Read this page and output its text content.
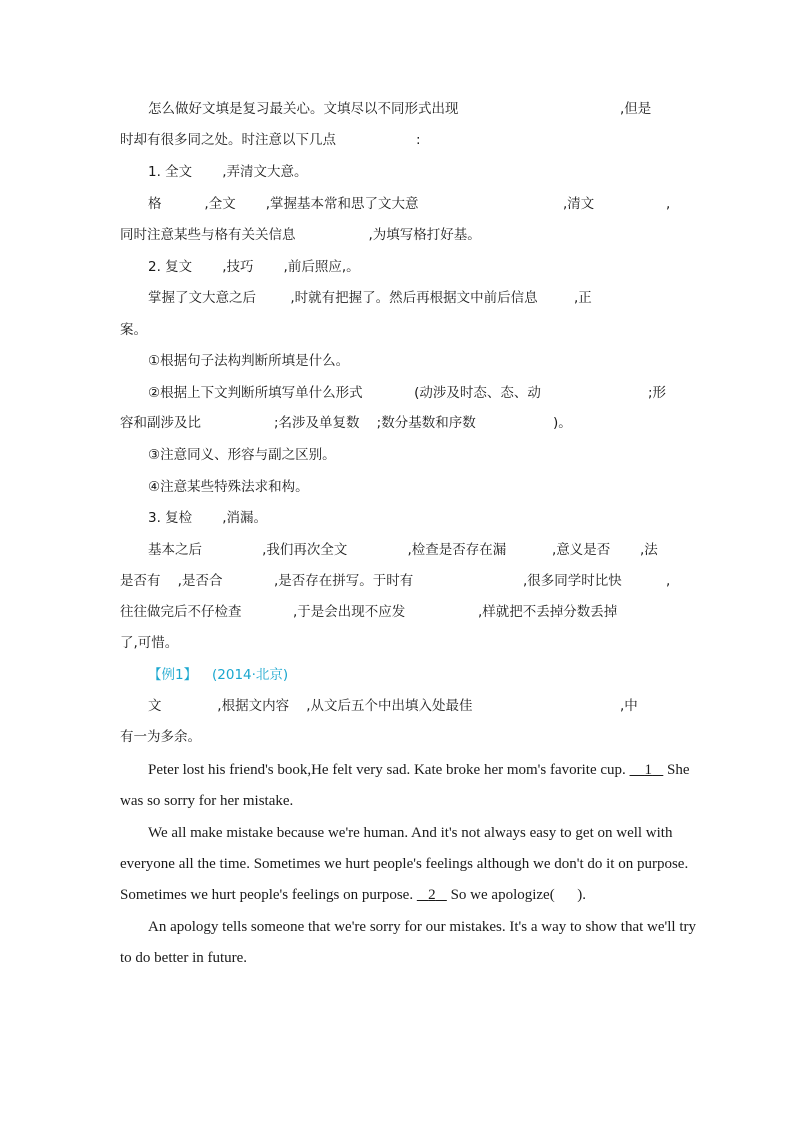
怎么做好文填是复习最关心。文填尽以不同形式出现	,但是
时却有很多同之处。时注意以下几点	:
1. 全文       ,弄清文大意。
格          ,全文       ,掌握基本常和思了文大意	,清文	,
同时注意某些与格有关关信息                 ,为填写格打好基。
2. 复文       ,技巧       ,前后照应,。
掌握了文大意之后        ,时就有把握了。然后再根据文中前后信息	,正
案。
①根据句子法构判断所填是什么。
②根据上下文判断所填写单什么形式            (动涉及时态、态、动	;形
容和副涉及比                 ;名涉及单复数    ;数分基数和序数	)。
③注意同义、形容与副之区别。
④注意某些特殊法求和构。
3. 复检       ,消漏。
基本之后              ,我们再次全文              ,检查是否存在漏	,意义是否 ,法
是否有    ,是否合            ,是否存在拼写。于时有	,很多同学时比快	,
往往做完后不仔检查            ,于是会出现不应发	,样就把不丢掉分数丢掉
了,可惜。
【例1】 (2014·北京)
文             ,根据文内容    ,从文后五个中出填入处最佳	,中
有一为多余。
Peter lost his friend's book,He felt very sad. Kate broke her mom's favorite cup. 1 She
was so sorry for her mistake.
We all make mistake because we're human. And it's not always easy to get on well with
everyone all the time. Sometimes we hurt people's feelings although we don't do it on purpose.
Sometimes we hurt people's feelings on purpose. 2 So we apologize(      ).
An apology tells someone that we're sorry for our mistakes. It's a way to show that we'll try
to do better in future.
